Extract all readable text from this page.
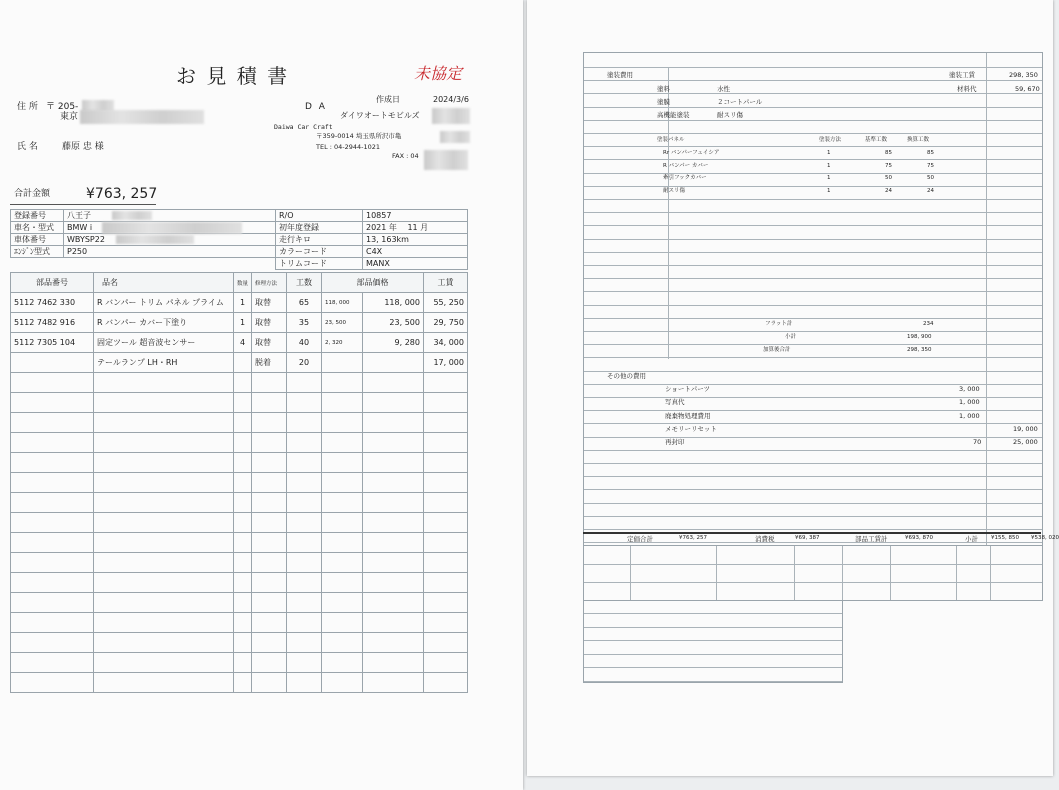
お 見 積 書	未協定
住 所 〒 205-
東京
氏 名	藤原 忠 様
D A
作成日	2024/3/6
ダイワオートモビルズ
Daiwa Car Craft
〒359-0014 埼玉県所沢市亀
TEL : 04-2944-1021
FAX : 04
合計金額	¥763, 257
登録番号	八王子	R/O	10857
車名・型式	BMW i	初年度登録	2021 年 　11 月
車体番号	WBYSP22	走行キロ	13, 163km
ｴﾝｼﾞﾝ型式	P250	カラーコード	C4X
		トリムコード	MANX
部品番号	品名	数量	修理方法	工数	部品価格		工賃
5112 7462 330	R バンパー トリム パネル プライム	1	取替	65	118, 000	118, 000	55, 250
5112 7482 916	R バンパー カバー下塗り	1	取替	35	23, 500	23, 500	29, 750
5112 7305 104	固定ツール 超音波センサー	4	取替	40	2, 320	9, 280	34, 000
	テールランプ LH・RH		脱着	20			17, 000

塗装費用	塗装工賃	298, 350
塗料	水性	材料代	59, 670
塗膜	２コートパール
高機能塗装	耐スリ傷
塗装パネル	塗装方法	基準工数	換算工数
Rr バンパーフェイシア	1	85	85
R バンパー カバー	1	75	75
牽引フックカバー	1	50	50
耐スリ傷	1	24	24
フラット計	234
小計	198, 900
加算後合計	298, 350
その他の費用
ショートパーツ	3, 000
写真代	1, 000
廃棄物処理費用	1, 000
メモリーリセット	19, 000
再封印	70	25, 000
定価合計	¥763, 257	消費税	¥69, 387	部品工賃計	¥693, 870	小計 ¥155, 850 ¥538, 020
